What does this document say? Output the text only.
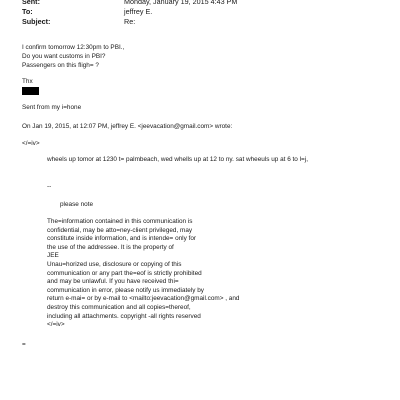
Sent:	Monday, January 19, 2015 4:43 PM
To:	jeffrey E.
Subject:	Re:
I confirm tomorrow 12:30pm to PBI.,
Do you want customs in PBI?
Passengers on this fligh= ?
Thx
Sent from my i=hone
On Jan 19, 2015, at 12:07 PM, jeffrey E. <jeevacation@gmail.com> wrote:
</=iv>
wheels up tomor at 1230 t= palmbeach, wed whells up at 12 to ny. sat wheeuls up at 6 to l=j,
--
please note
The=information contained in this communication is
confidential, may be atto=ney-client privileged, may
constitute inside information, and is intende= only for
the use of the addressee. It is the property of
JEE
Unau=horized use, disclosure or copying of this
communication or any part the=eof is strictly prohibited
and may be unlawful. If you have received thi=
communication in error, please notify us immediately by
return e-mai= or by e-mail to <mailto:jeevacation@gmail.com> , and
destroy this communication and all copies=thereof,
including all attachments. copyright -all rights reserved
</=iv>
=
